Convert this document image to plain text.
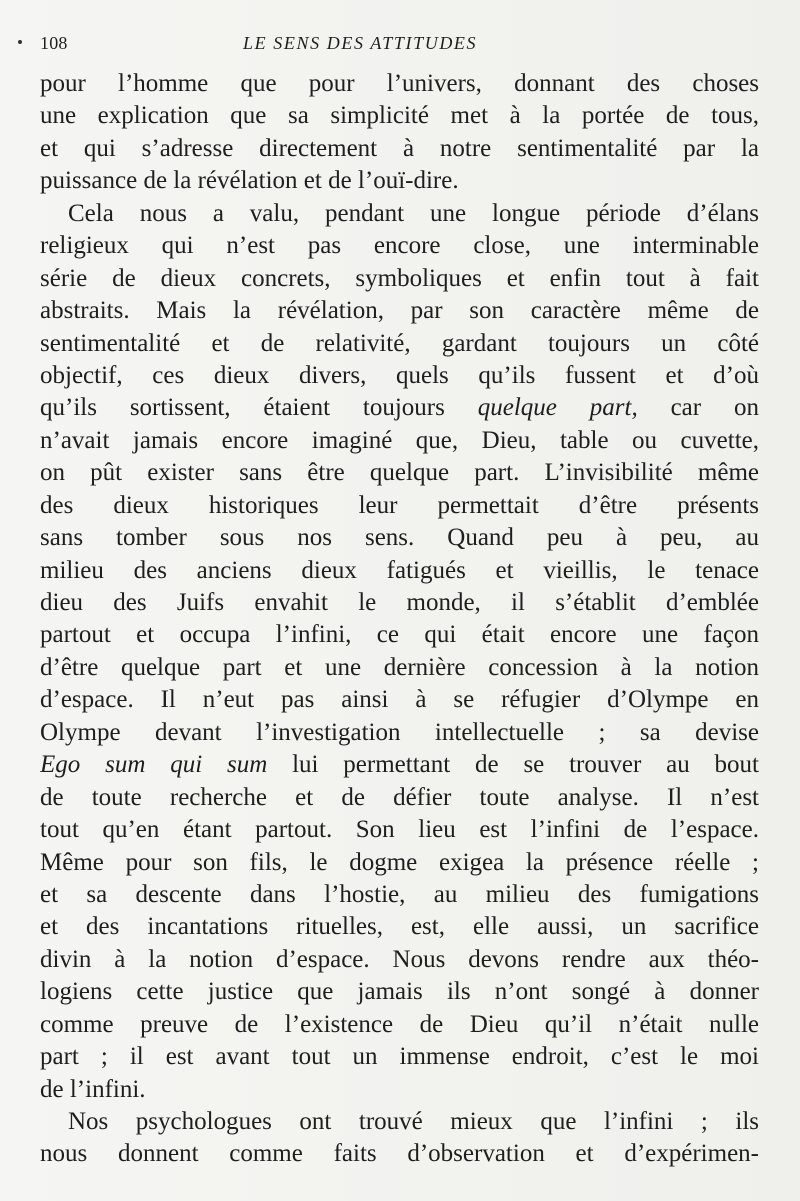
108	LE SENS DES ATTITUDES
pour l’homme que pour l’univers, donnant des choses
une explication que sa simplicité met à la portée de tous,
et qui s’adresse directement à notre sentimentalité par la
puissance de la révélation et de l’ouï-dire.
Cela nous a valu, pendant une longue période d’élans
religieux qui n’est pas encore close, une interminable
série de dieux concrets, symboliques et enfin tout à fait
abstraits. Mais la révélation, par son caractère même de
sentimentalité et de relativité, gardant toujours un côté
objectif, ces dieux divers, quels qu’ils fussent et d’où
qu’ils sortissent, étaient toujours quelque part, car on
n’avait jamais encore imaginé que, Dieu, table ou cuvette,
on pût exister sans être quelque part. L’invisibilité même
des dieux historiques leur permettait d’être présents
sans tomber sous nos sens. Quand peu à peu, au
milieu des anciens dieux fatigués et vieillis, le tenace
dieu des Juifs envahit le monde, il s’établit d’emblée
partout et occupa l’infini, ce qui était encore une façon
d’être quelque part et une dernière concession à la notion
d’espace. Il n’eut pas ainsi à se réfugier d’Olympe en
Olympe devant l’investigation intellectuelle ; sa devise
Ego sum qui sum lui permettant de se trouver au bout
de toute recherche et de défier toute analyse. Il n’est
tout qu’en étant partout. Son lieu est l’infini de l’espace.
Même pour son fils, le dogme exigea la présence réelle ;
et sa descente dans l’hostie, au milieu des fumigations
et des incantations rituelles, est, elle aussi, un sacrifice
divin à la notion d’espace. Nous devons rendre aux théo-
logiens cette justice que jamais ils n’ont songé à donner
comme preuve de l’existence de Dieu qu’il n’était nulle
part ; il est avant tout un immense endroit, c’est le moi
de l’infini.
Nos psychologues ont trouvé mieux que l’infini ; ils
nous donnent comme faits d’observation et d’expérimen-
